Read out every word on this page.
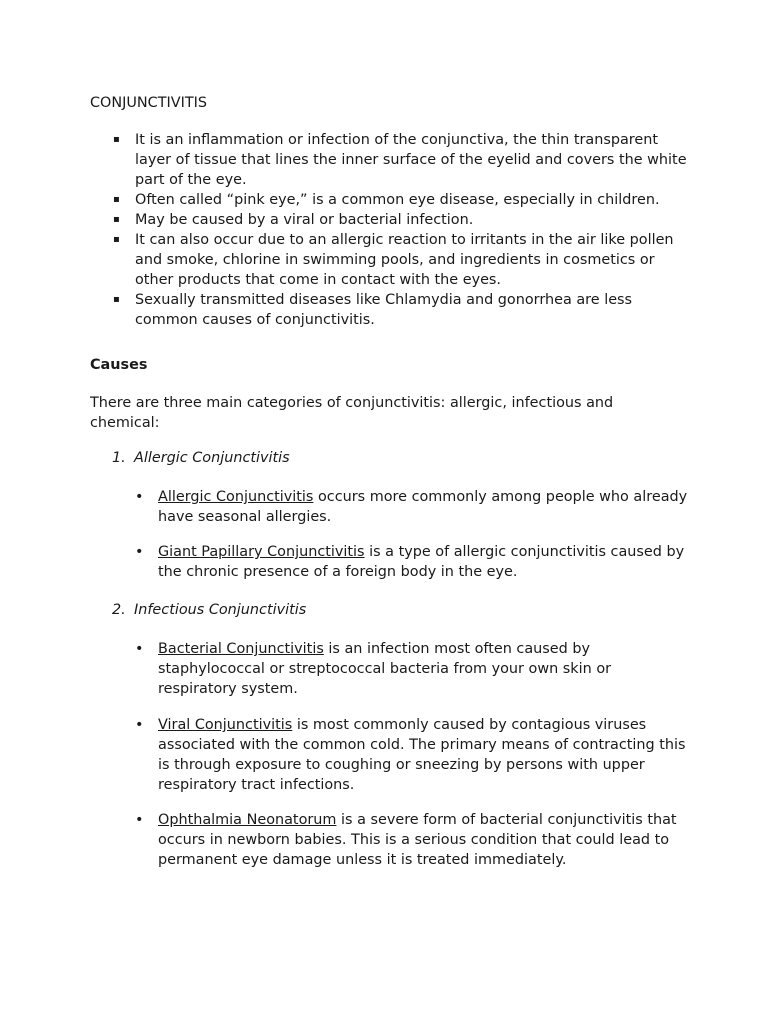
CONJUNCTIVITIS
▪ It is an inflammation or infection of the conjunctiva, the thin transparent layer of tissue that lines the inner surface of the eyelid and covers the white part of the eye.
▪ Often called “pink eye,” is a common eye disease, especially in children.
▪ May be caused by a viral or bacterial infection.
▪ It can also occur due to an allergic reaction to irritants in the air like pollen and smoke, chlorine in swimming pools, and ingredients in cosmetics or other products that come in contact with the eyes.
▪ Sexually transmitted diseases like Chlamydia and gonorrhea are less common causes of conjunctivitis.
Causes

There are three main categories of conjunctivitis: allergic, infectious and chemical:

1. Allergic Conjunctivitis

• Allergic Conjunctivitis occurs more commonly among people who already have seasonal allergies.
• Giant Papillary Conjunctivitis is a type of allergic conjunctivitis caused by the chronic presence of a foreign body in the eye.

2. Infectious Conjunctivitis

• Bacterial Conjunctivitis is an infection most often caused by staphylococcal or streptococcal bacteria from your own skin or respiratory system.
• Viral Conjunctivitis is most commonly caused by contagious viruses associated with the common cold. The primary means of contracting this is through exposure to coughing or sneezing by persons with upper respiratory tract infections.
• Ophthalmia Neonatorum is a severe form of bacterial conjunctivitis that occurs in newborn babies. This is a serious condition that could lead to permanent eye damage unless it is treated immediately.
